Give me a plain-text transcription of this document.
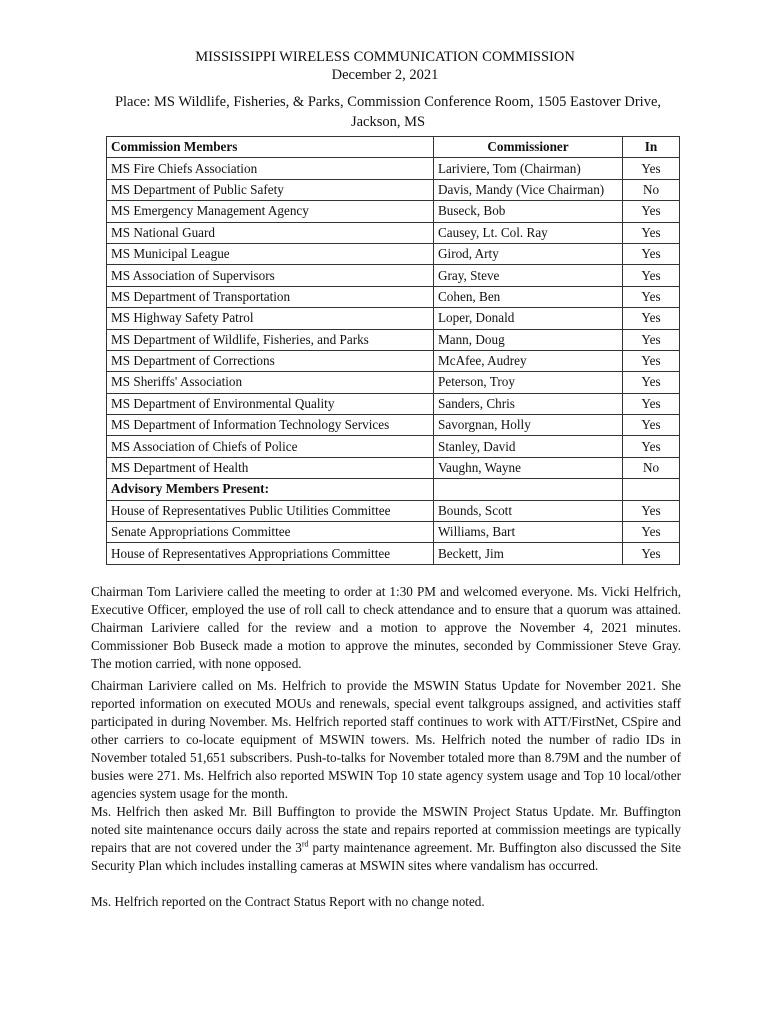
MISSISSIPPI WIRELESS COMMUNICATION COMMISSION
December 2, 2021
Place: MS Wildlife, Fisheries, & Parks, Commission Conference Room, 1505 Eastover Drive, Jackson, MS
Commission Members	Commissioner	In
MS Fire Chiefs Association	Lariviere, Tom (Chairman)	Yes
MS Department of Public Safety	Davis, Mandy (Vice Chairman)	No
MS Emergency Management Agency	Buseck, Bob	Yes
MS National Guard	Causey, Lt. Col. Ray	Yes
MS Municipal League	Girod, Arty	Yes
MS Association of Supervisors	Gray, Steve	Yes
MS Department of Transportation	Cohen, Ben	Yes
MS Highway Safety Patrol	Loper, Donald	Yes
MS Department of Wildlife, Fisheries, and Parks	Mann, Doug	Yes
MS Department of Corrections	McAfee, Audrey	Yes
MS Sheriffs' Association	Peterson, Troy	Yes
MS Department of Environmental Quality	Sanders, Chris	Yes
MS Department of Information Technology Services	Savorgnan, Holly	Yes
MS Association of Chiefs of Police	Stanley, David	Yes
MS Department of Health	Vaughn, Wayne	No
Advisory Members Present:		
House of Representatives Public Utilities Committee	Bounds, Scott	Yes
Senate Appropriations Committee	Williams, Bart	Yes
House of Representatives Appropriations Committee	Beckett, Jim	Yes

Chairman Tom Lariviere called the meeting to order at 1:30 PM and welcomed everyone. Ms. Vicki Helfrich, Executive Officer, employed the use of roll call to check attendance and to ensure that a quorum was attained. Chairman Lariviere called for the review and a motion to approve the November 4, 2021 minutes. Commissioner Bob Buseck made a motion to approve the minutes, seconded by Commissioner Steve Gray. The motion carried, with none opposed.

Chairman Lariviere called on Ms. Helfrich to provide the MSWIN Status Update for November 2021. She reported information on executed MOUs and renewals, special event talkgroups assigned, and activities staff participated in during November. Ms. Helfrich reported staff continues to work with ATT/FirstNet, CSpire and other carriers to co-locate equipment of MSWIN towers. Ms. Helfrich noted the number of radio IDs in November totaled 51,651 subscribers. Push-to-talks for November totaled more than 8.79M and the number of busies were 271. Ms. Helfrich also reported MSWIN Top 10 state agency system usage and Top 10 local/other agencies system usage for the month.

Ms. Helfrich then asked Mr. Bill Buffington to provide the MSWIN Project Status Update. Mr. Buffington noted site maintenance occurs daily across the state and repairs reported at commission meetings are typically repairs that are not covered under the 3rd party maintenance agreement. Mr. Buffington also discussed the Site Security Plan which includes installing cameras at MSWIN sites where vandalism has occurred.

Ms. Helfrich reported on the Contract Status Report with no change noted.
